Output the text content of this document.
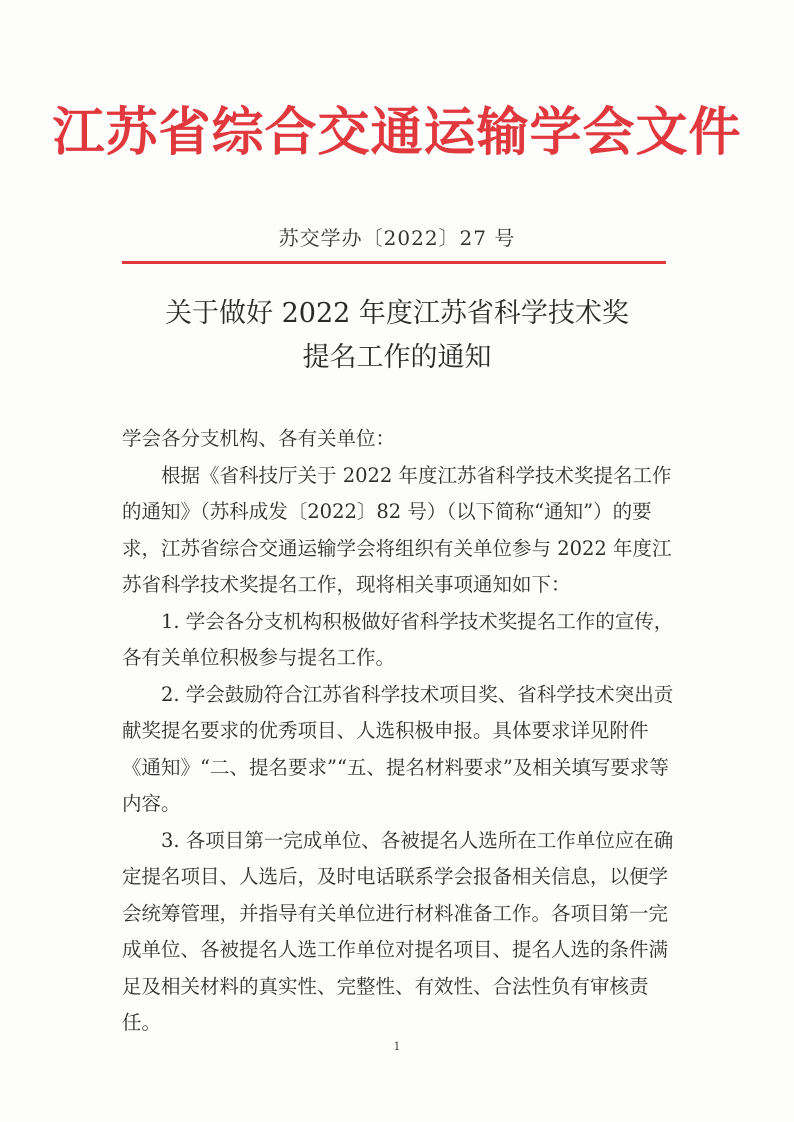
江苏省综合交通运输学会文件
苏交学办〔2022〕27 号
关于做好 2022 年度江苏省科学技术奖
提名工作的通知

学会各分支机构、各有关单位：

根据《省科技厅关于 2022 年度江苏省科学技术奖提名工作的通知》（苏科成发〔2022〕82 号）（以下简称“通知”）的要求，江苏省综合交通运输学会将组织有关单位参与 2022 年度江苏省科学技术奖提名工作，现将相关事项通知如下：

1. 学会各分支机构积极做好省科学技术奖提名工作的宣传，各有关单位积极参与提名工作。

2. 学会鼓励符合江苏省科学技术项目奖、省科学技术突出贡献奖提名要求的优秀项目、人选积极申报。具体要求详见附件《通知》“二、提名要求”“五、提名材料要求”及相关填写要求等内容。

3. 各项目第一完成单位、各被提名人选所在工作单位应在确定提名项目、人选后，及时电话联系学会报备相关信息，以便学会统筹管理，并指导有关单位进行材料准备工作。各项目第一完成单位、各被提名人选工作单位对提名项目、提名人选的条件满足及相关材料的真实性、完整性、有效性、合法性负有审核责任。

1
